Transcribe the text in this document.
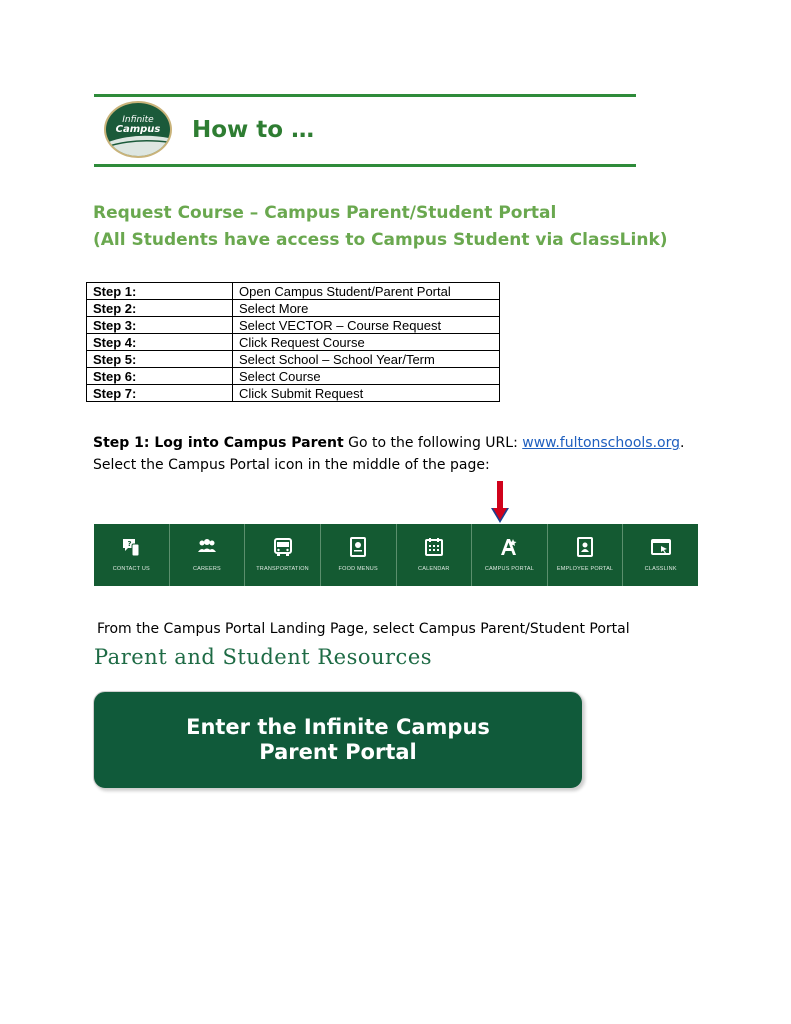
Infinite
Campus	How to …
Request Course – Campus Parent/Student Portal
(All Students have access to Campus Student via ClassLink)
Step 1:	Open Campus Student/Parent Portal
Step 2:	Select More
Step 3:	Select VECTOR – Course Request
Step 4:	Click Request Course
Step 5:	Select School – School Year/Term
Step 6:	Select Course
Step 7:	Click Submit Request
Step 1: Log into Campus Parent Go to the following URL: www.fultonschools.org.
Select the Campus Portal icon in the middle of the page:
?
CONTACT US	CAREERS	TRANSPORTATION	FOOD MENUS	CALENDAR	CAMPUS PORTAL	EMPLOYEE PORTAL	CLASSLINK
From the Campus Portal Landing Page, select Campus Parent/Student Portal
Parent and Student Resources
Enter the Infinite Campus
Parent Portal
